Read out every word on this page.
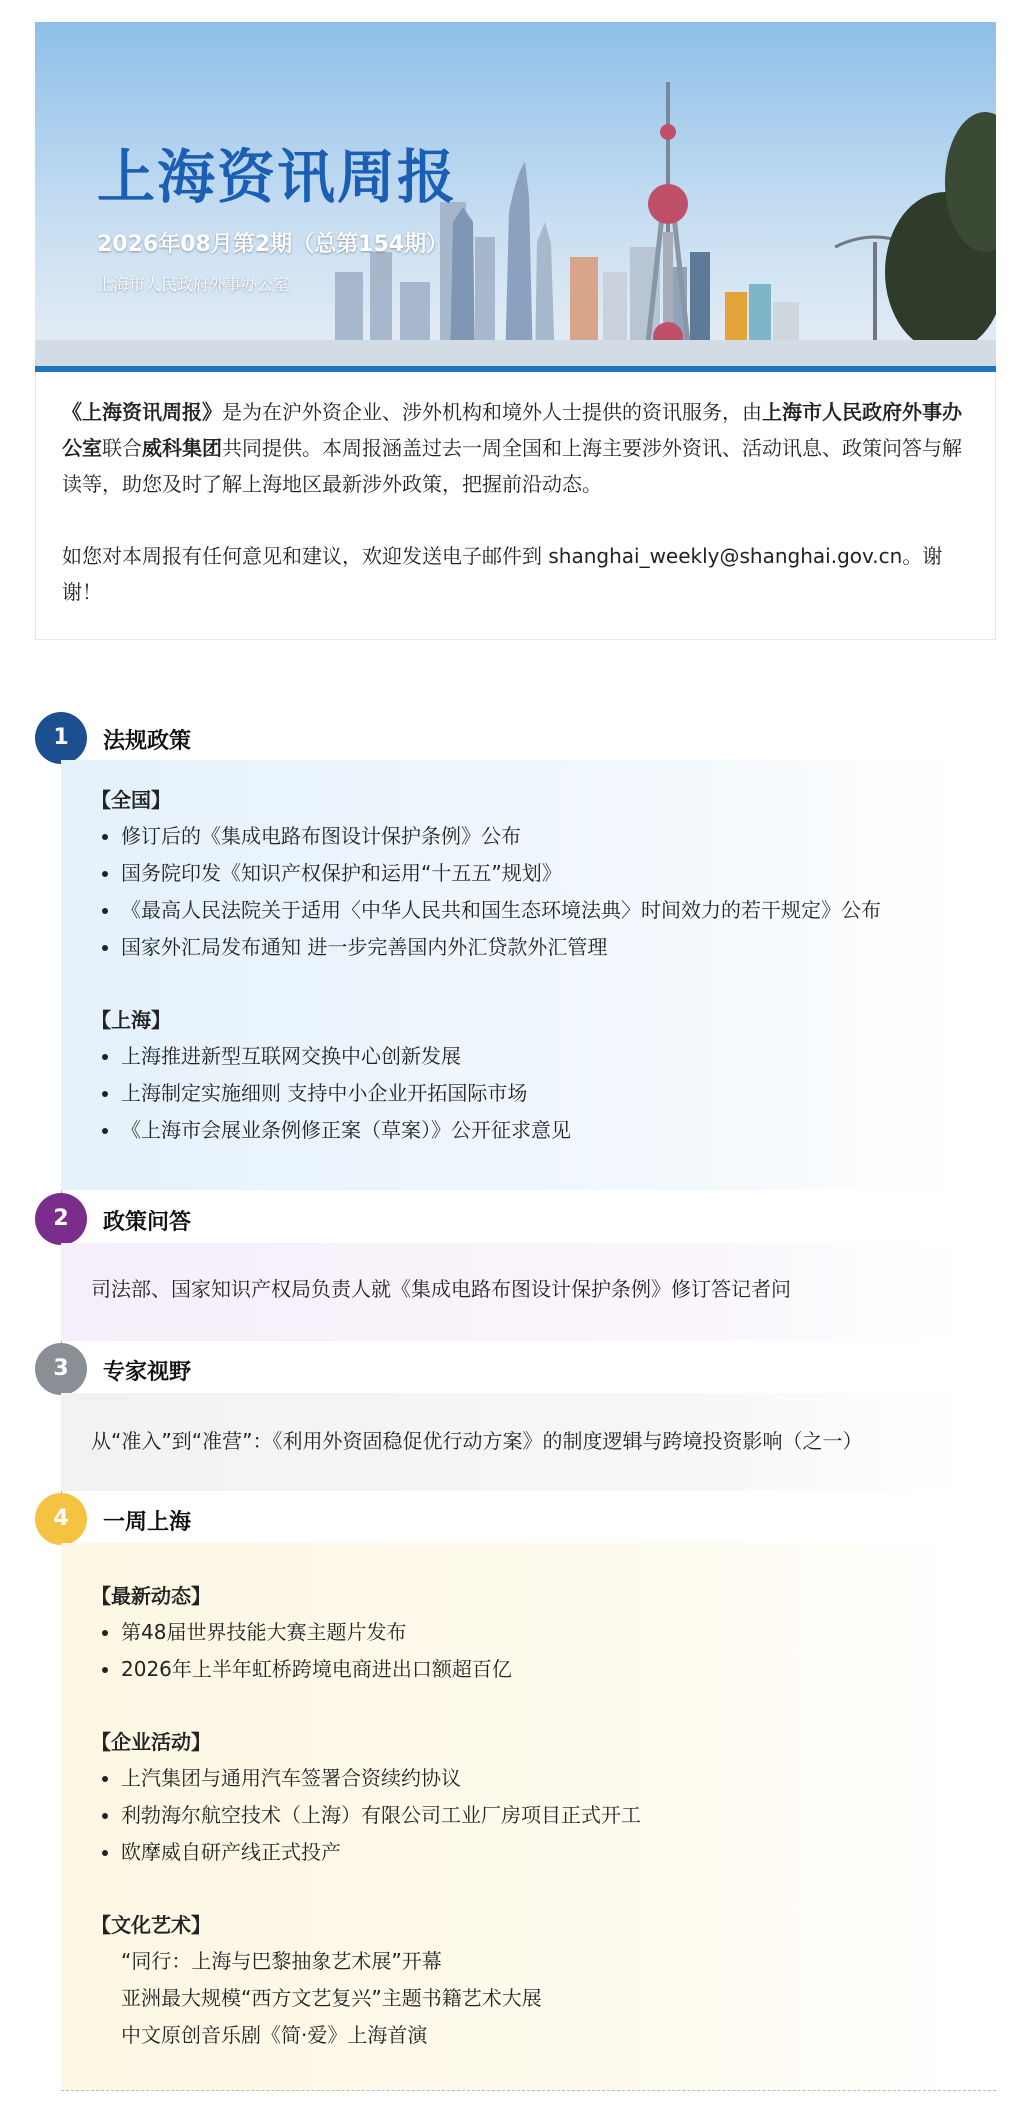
上海资讯周报
2026年08月第2期（总第154期）
上海市人民政府外事办公室

《上海资讯周报》是为在沪外资企业、涉外机构和境外人士提供的资讯服务，由上海市人民政府外事办公室联合威科集团共同提供。本周报涵盖过去一周全国和上海主要涉外资讯、活动讯息、政策问答与解读等，助您及时了解上海地区最新涉外政策，把握前沿动态。

如您对本周报有任何意见和建议，欢迎发送电子邮件到 shanghai_weekly@shanghai.gov.cn。谢谢！

1	法规政策
【全国】
• 修订后的《集成电路布图设计保护条例》公布
• 国务院印发《知识产权保护和运用“十五五”规划》
• 《最高人民法院关于适用〈中华人民共和国生态环境法典〉时间效力的若干规定》公布
• 国家外汇局发布通知 进一步完善国内外汇贷款外汇管理
【上海】
• 上海推进新型互联网交换中心创新发展
• 上海制定实施细则 支持中小企业开拓国际市场
• 《上海市会展业条例修正案（草案）》公开征求意见
2	政策问答
司法部、国家知识产权局负责人就《集成电路布图设计保护条例》修订答记者问
3	专家视野
从“准入”到“准营”：《利用外资固稳促优行动方案》的制度逻辑与跨境投资影响（之一）
4	一周上海
【最新动态】
• 第48届世界技能大赛主题片发布
• 2026年上半年虹桥跨境电商进出口额超百亿
【企业活动】
• 上汽集团与通用汽车签署合资续约协议
• 利勃海尔航空技术（上海）有限公司工业厂房项目正式开工
• 欧摩威自研产线正式投产
【文化艺术】
“同行：上海与巴黎抽象艺术展”开幕
亚洲最大规模“西方文艺复兴”主题书籍艺术大展
中文原创音乐剧《简·爱》上海首演
